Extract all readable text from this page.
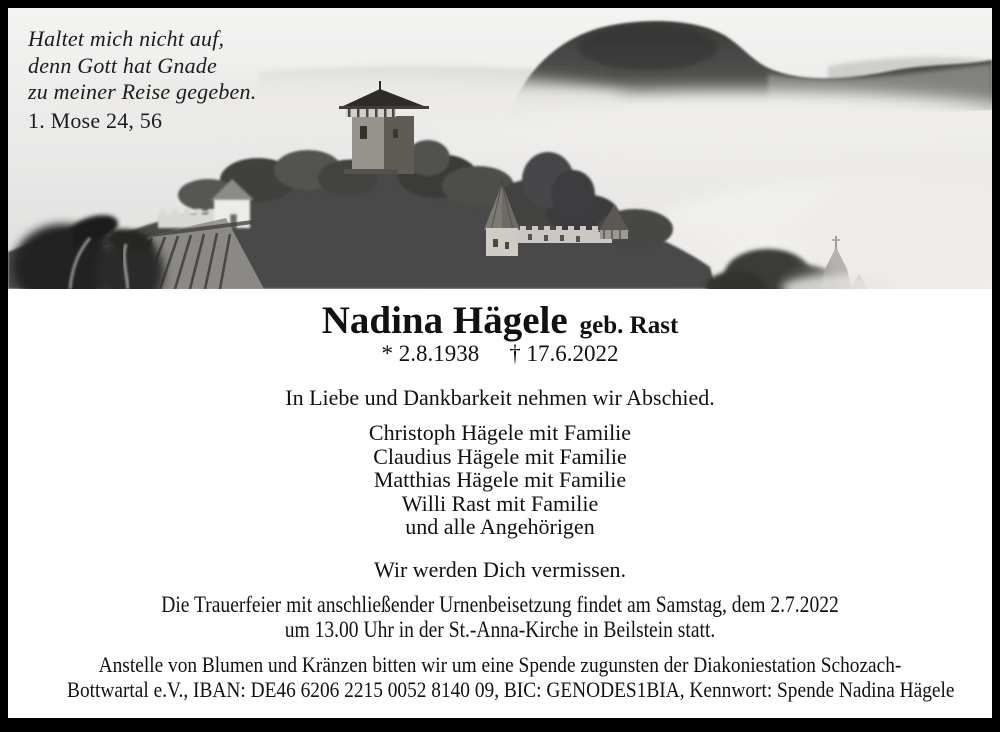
Haltet mich nicht auf,
denn Gott hat Gnade
zu meiner Reise gegeben.
1. Mose 24, 56
Nadina Hägele geb. Rast
* 2.8.1938 † 17.6.2022
In Liebe und Dankbarkeit nehmen wir Abschied.
Christoph Hägele mit Familie
Claudius Hägele mit Familie
Matthias Hägele mit Familie
Willi Rast mit Familie
und alle Angehörigen
Wir werden Dich vermissen.
Die Trauerfeier mit anschließender Urnenbeisetzung findet am Samstag, dem 2.7.2022
um 13.00 Uhr in der St.-Anna-Kirche in Beilstein statt.
Anstelle von Blumen und Kränzen bitten wir um eine Spende zugunsten der Diakoniestation Schozach-
Bottwartal e.V., IBAN: DE46 6206 2215 0052 8140 09, BIC: GENODES1BIA, Kennwort: Spende Nadina Hägele
